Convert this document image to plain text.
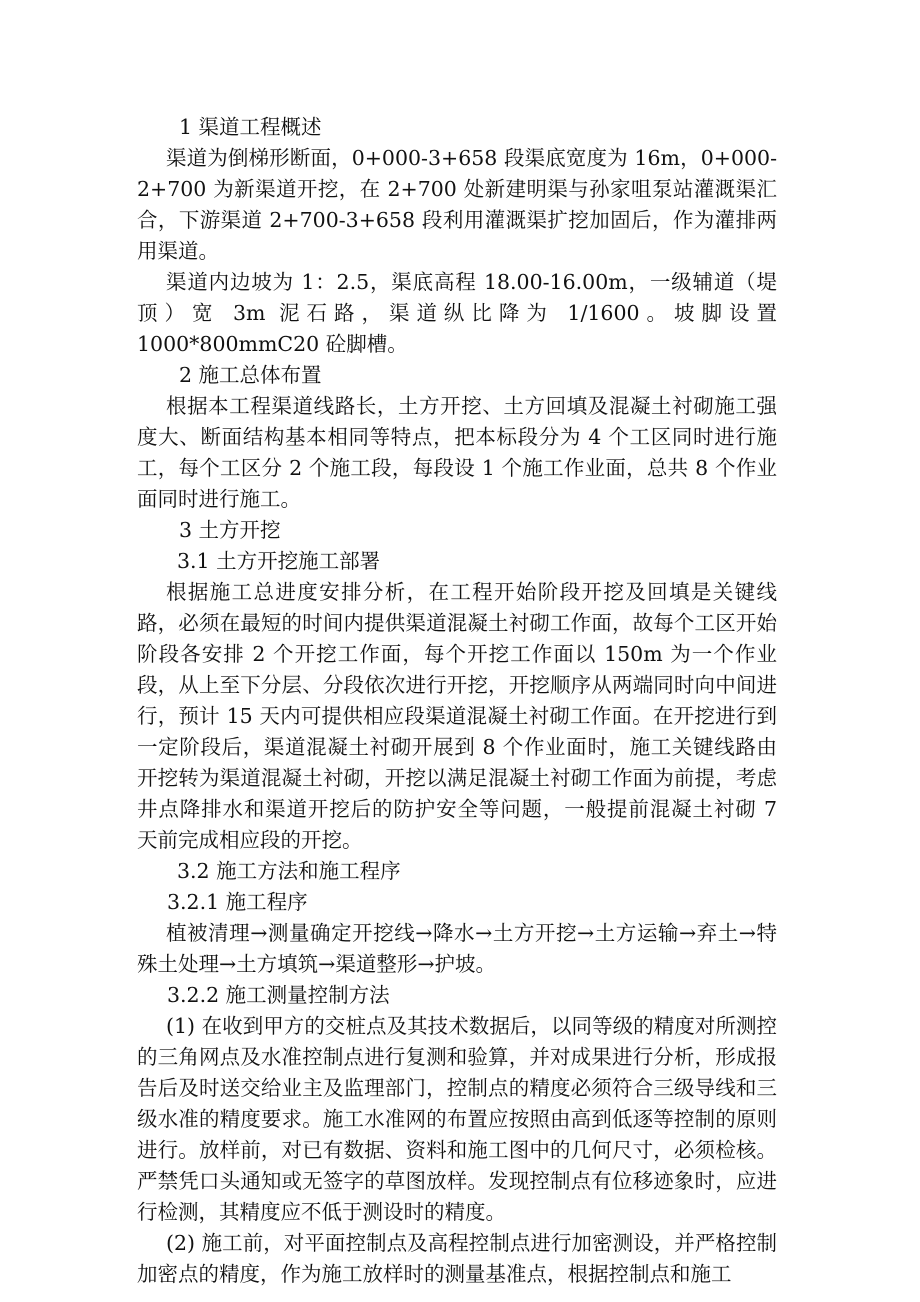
1 渠道工程概述

渠道为倒梯形断面，0+000-3+658 段渠底宽度为 16m，0+000-2+700 为新渠道开挖，在 2+700 处新建明渠与孙家咀泵站灌溉渠汇合，下游渠道 2+700-3+658 段利用灌溉渠扩挖加固后，作为灌排两用渠道。

渠道内边坡为 1：2.5，渠底高程 18.00-16.00m，一级辅道（堤顶）宽 3m 泥石路，渠道纵比降为 1/1600。坡脚设置 1000*800mmC20 砼脚槽。

2 施工总体布置

根据本工程渠道线路长，土方开挖、土方回填及混凝土衬砌施工强度大、断面结构基本相同等特点，把本标段分为 4 个工区同时进行施工，每个工区分 2 个施工段，每段设 1 个施工作业面，总共 8 个作业面同时进行施工。

3 土方开挖

3.1 土方开挖施工部署

根据施工总进度安排分析，在工程开始阶段开挖及回填是关键线路，必须在最短的时间内提供渠道混凝土衬砌工作面，故每个工区开始阶段各安排 2 个开挖工作面，每个开挖工作面以 150m 为一个作业段，从上至下分层、分段依次进行开挖，开挖顺序从两端同时向中间进行，预计 15 天内可提供相应段渠道混凝土衬砌工作面。在开挖进行到一定阶段后，渠道混凝土衬砌开展到 8 个作业面时，施工关键线路由开挖转为渠道混凝土衬砌，开挖以满足混凝土衬砌工作面为前提，考虑井点降排水和渠道开挖后的防护安全等问题，一般提前混凝土衬砌 7 天前完成相应段的开挖。

3.2 施工方法和施工程序

3.2.1 施工程序

植被清理→测量确定开挖线→降水→土方开挖→土方运输→弃土→特殊土处理→土方填筑→渠道整形→护坡。

3.2.2 施工测量控制方法

(1) 在收到甲方的交桩点及其技术数据后，以同等级的精度对所测控的三角网点及水准控制点进行复测和验算，并对成果进行分析，形成报告后及时送交给业主及监理部门，控制点的精度必须符合三级导线和三级水准的精度要求。施工水准网的布置应按照由高到低逐等控制的原则进行。放样前，对已有数据、资料和施工图中的几何尺寸，必须检核。严禁凭口头通知或无签字的草图放样。发现控制点有位移迹象时，应进行检测，其精度应不低于测设时的精度。

(2) 施工前，对平面控制点及高程控制点进行加密测设，并严格控制加密点的精度，作为施工放样时的测量基准点，根据控制点和施工
